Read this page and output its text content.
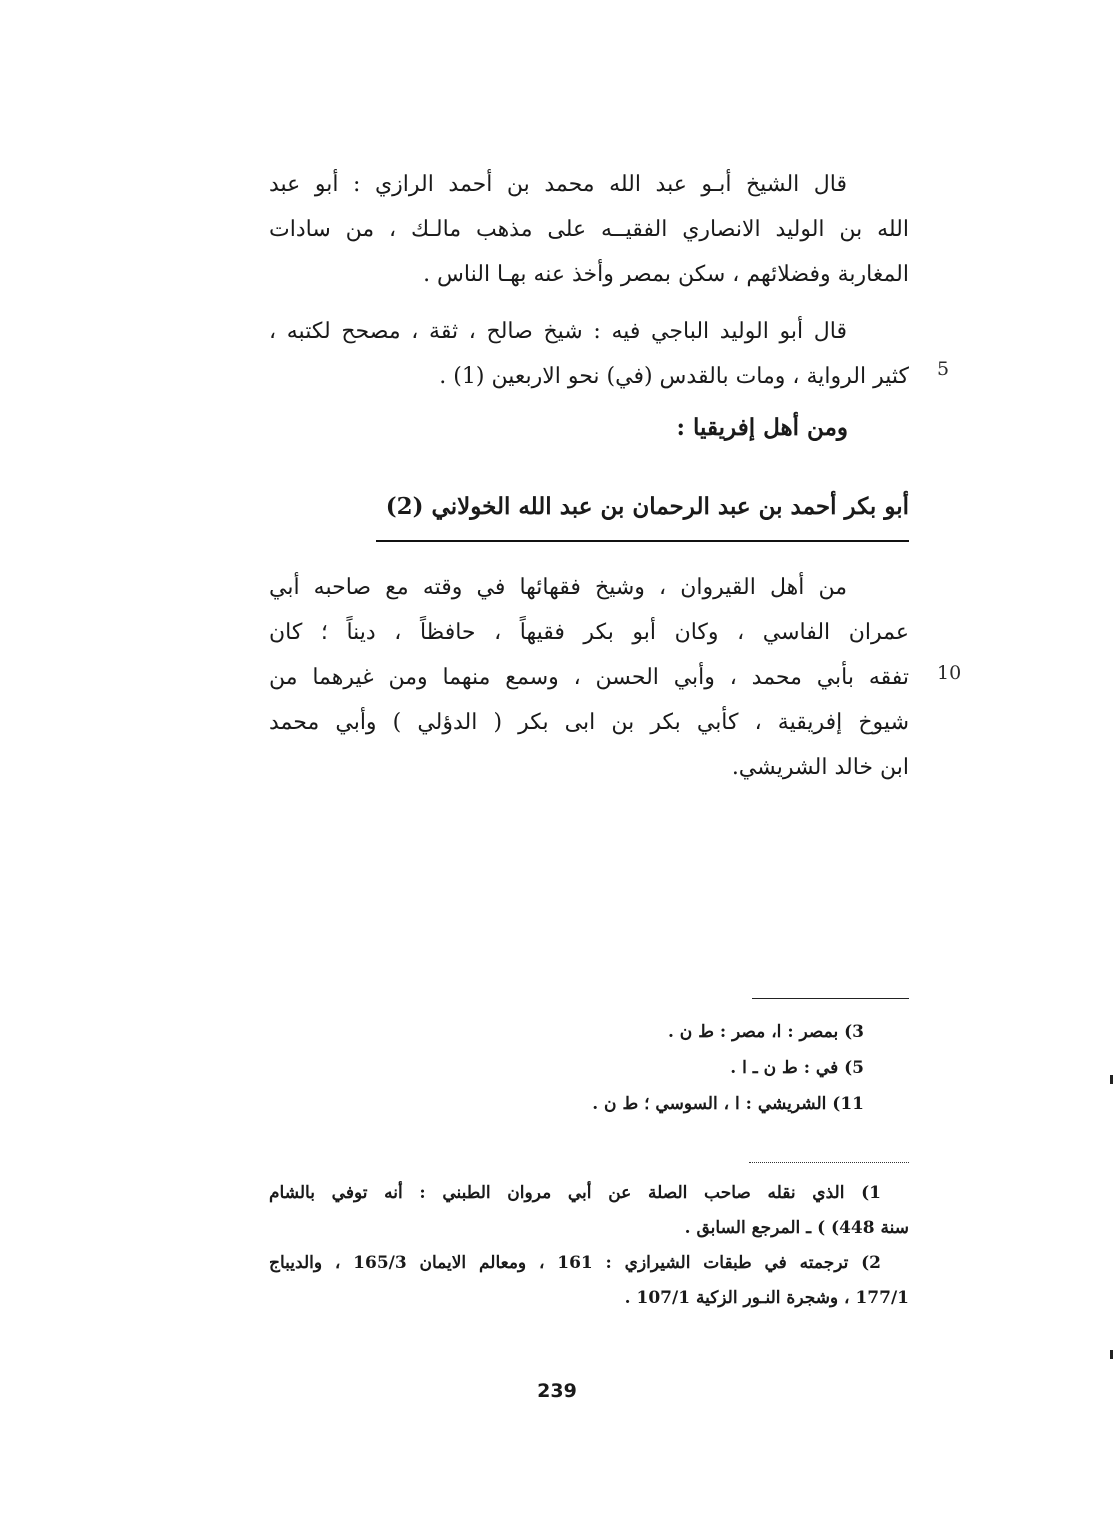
قال الشيخ أبـو عبد الله محمد بن أحمد الرازي : أبو عبد
الله بن الوليد الانصاري الفقيــه على مذهب مالـك ، من سادات
المغاربة وفضلائهم ، سكن بمصر وأخذ عنه بهـا الناس .
قال أبو الوليد الباجي فيه : شيخ صالح ، ثقة ، مصحح لكتبه ،
كثير الرواية ، ومات بالقدس (في) نحو الاربعين (1) . 5
ومن أهل إفريقيا :
أبو بكر أحمد بن عبد الرحمان بن عبد الله الخولاني (2)
من أهل القيروان ، وشيخ فقهائها في وقته مع صاحبه أبي
عمران الفاسي ، وكان أبو بكر فقيهاً ، حافظاً ، ديناً ؛ كان
تفقه بأبي محمد ، وأبي الحسن ، وسمع منهما ومن غيرهما من 10
شيوخ إفريقية ، كأبي بكر بن ابى بكر ( الدؤلي ) وأبي محمد
ابن خالد الشريشي.
3) بمصر : ا، مصر : ط ن .
5) في : ط ن ـ ا .
11) الشريشي : ا ، السوسي ؛ ط ن .
1) الذي نقله صاحب الصلة عن أبي مروان الطبني : أنه توفي بالشام
سنة 448) ) ـ المرجع السابق .
2) ترجمته في طبقات الشيرازي : 161 ، ومعالم الايمان 165/3 ، والديباج
177/1 ، وشجرة النـور الزكية 107/1 .
239
